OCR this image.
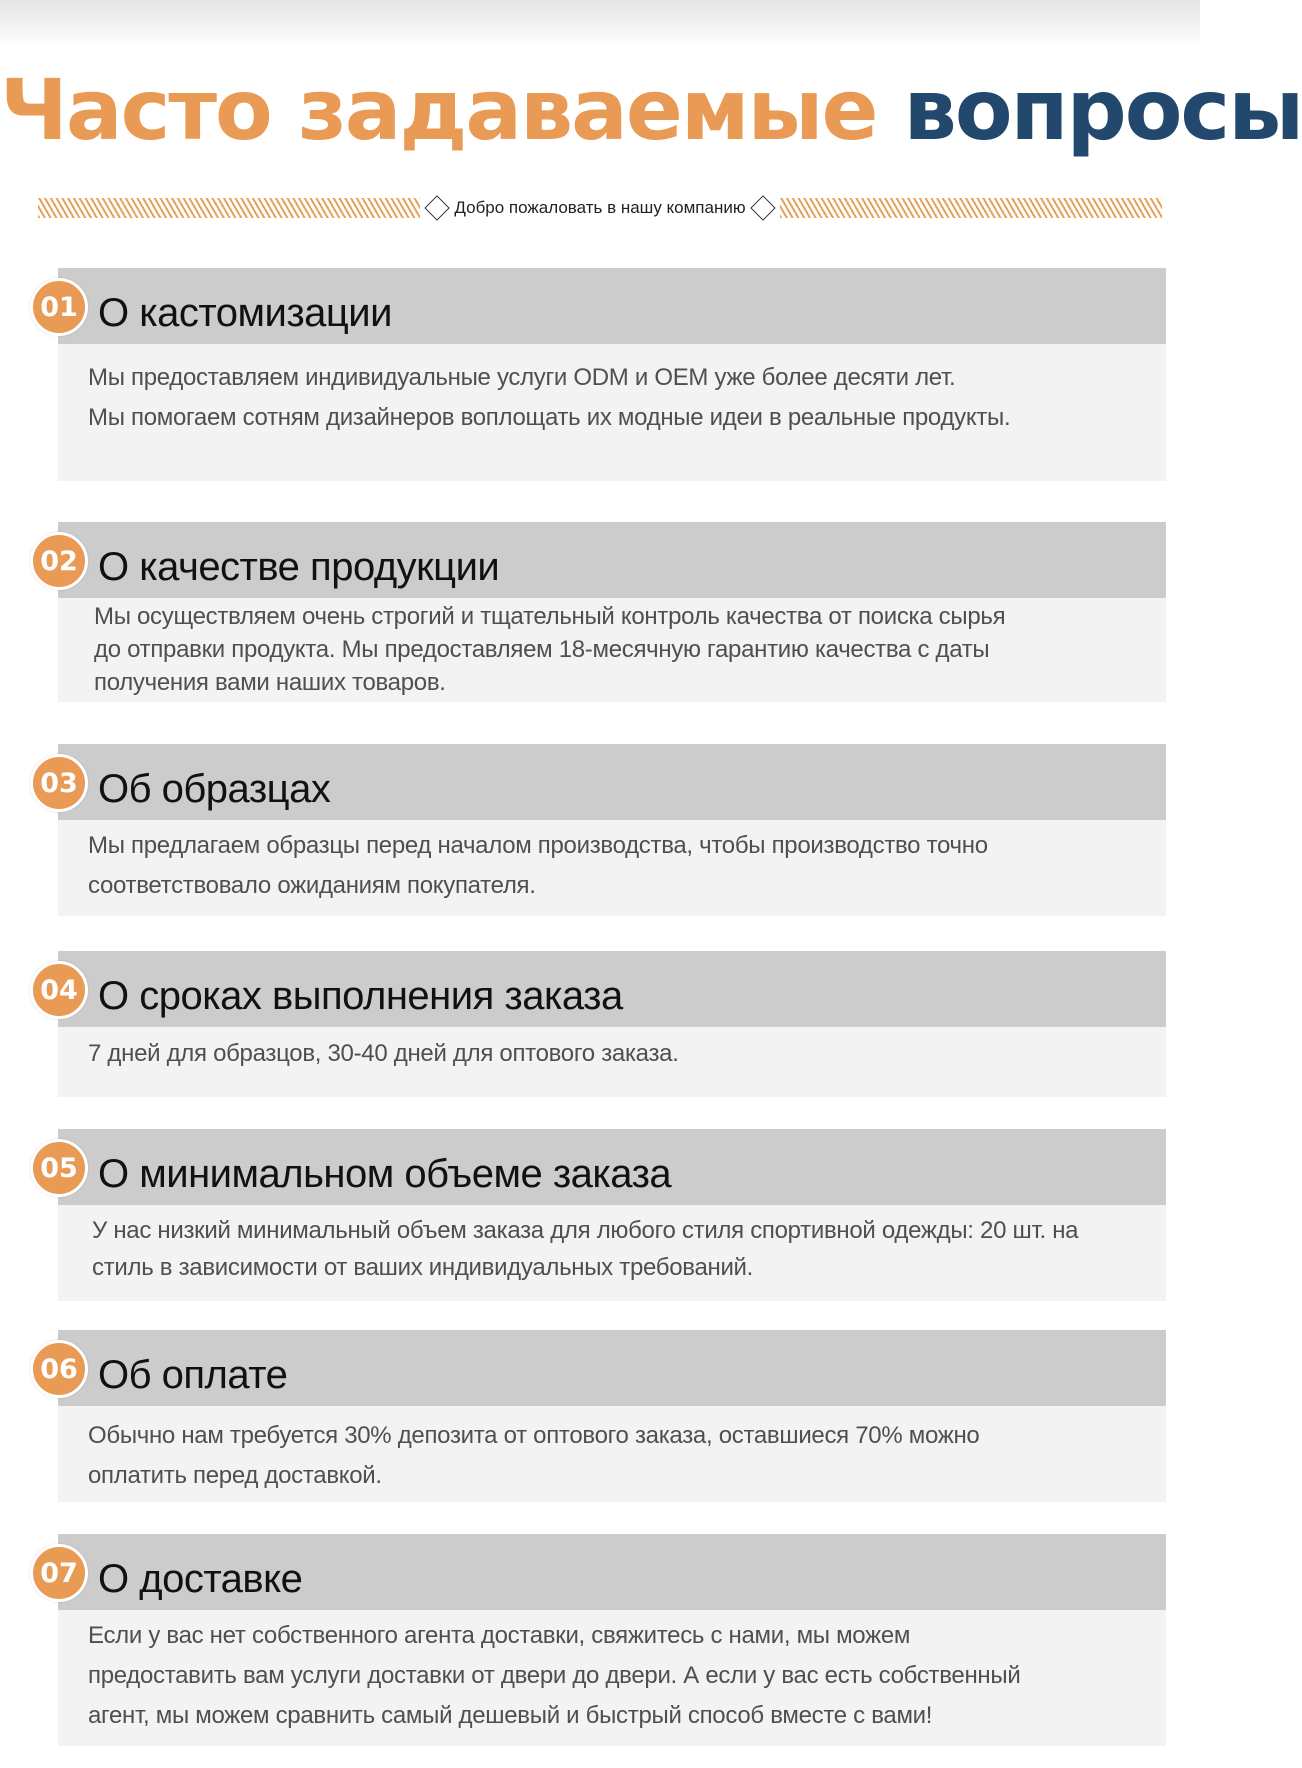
Часто задаваемые вопросы
Добро пожаловать в нашу компанию
Мы предоставляем индивидуальные услуги ODM и OEM уже более десяти лет.
Мы помогаем сотням дизайнеров воплощать их модные идеи в реальные продукты.
О кастомизации
01
Мы осуществляем очень строгий и тщательный контроль качества от поиска сырья
до отправки продукта. Мы предоставляем 18-месячную гарантию качества с даты
получения вами наших товаров.
О качестве продукции
02
Мы предлагаем образцы перед началом производства, чтобы производство точно
соответствовало ожиданиям покупателя.
Об образцах
03
7 дней для образцов, 30-40 дней для оптового заказа.
О сроках выполнения заказа
04
У нас низкий минимальный объем заказа для любого стиля спортивной одежды: 20 шт. на
стиль в зависимости от ваших индивидуальных требований.
О минимальном объеме заказа
05
Обычно нам требуется 30% депозита от оптового заказа, оставшиеся 70% можно
оплатить перед доставкой.
Об оплате
06
Если у вас нет собственного агента доставки, свяжитесь с нами, мы можем
предоставить вам услуги доставки от двери до двери. А если у вас есть собственный
агент, мы можем сравнить самый дешевый и быстрый способ вместе с вами!
О доставке
07
